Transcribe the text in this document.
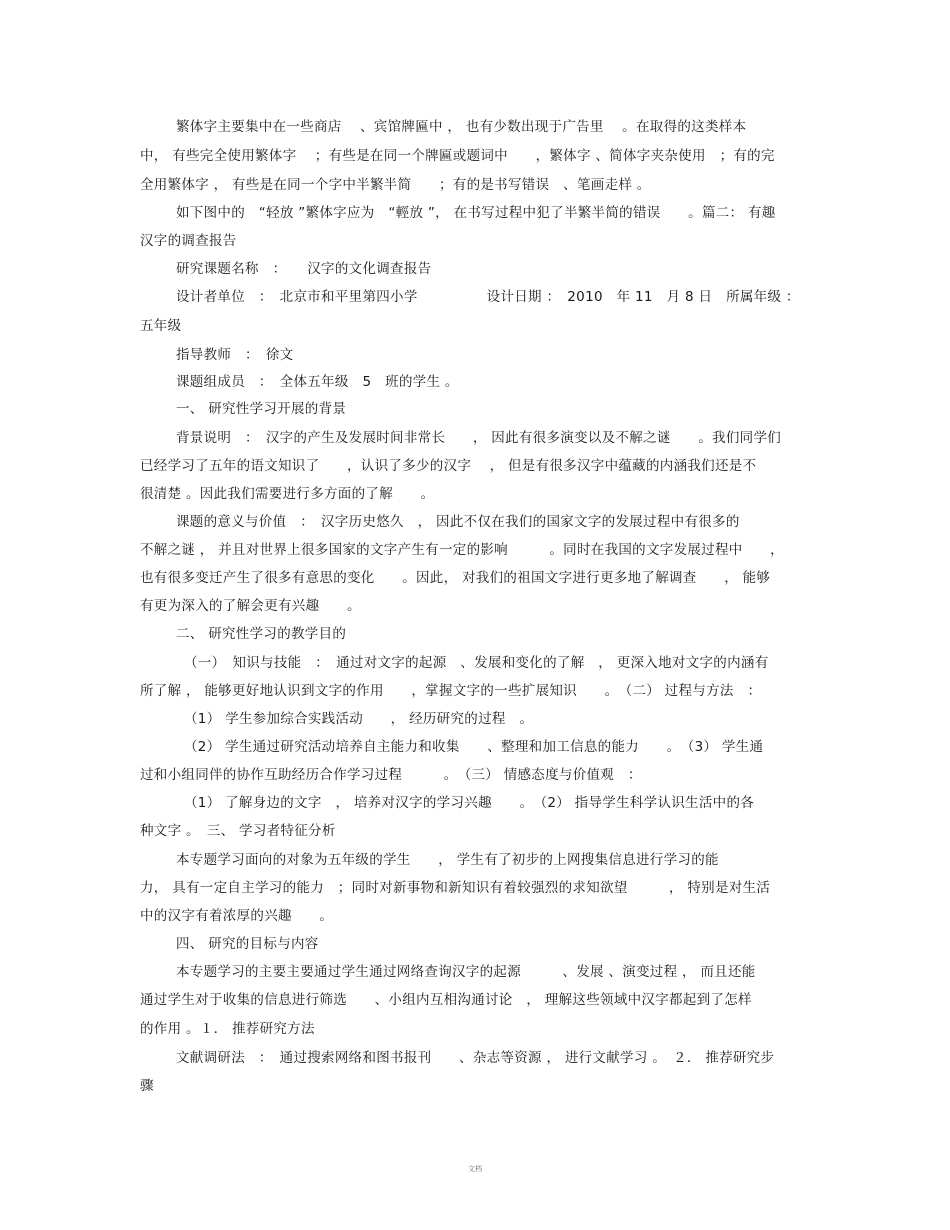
繁体字主要集中在一些商店　 、宾馆牌匾中 ， 也有少数出现于广告里　 。在取得的这类样本
中， 有些完全使用繁体字　 ；有些是在同一个牌匾或题词中　　，繁体字 、简体字夹杂使用　；有的完
全用繁体字 ， 有些是在同一个字中半繁半简　　；有的是书写错误　、笔画走样 。
如下图中的　“轻放 ”繁体字应为　“輕放 ”， 在书写过程中犯了半繁半简的错误　　。篇二： 有趣
汉字的调查报告
研究课题名称　：　　汉字的文化调查报告
设计者单位　：　北京市和平里第四小学　　　　　设计日期 ：　2010　年 11　月 8 日　所属年级 ：
五年级
指导教师　：　徐文
课题组成员　：　全体五年级　5　班的学生 。
一、 研究性学习开展的背景
背景说明　：　汉字的产生及发展时间非常长　　， 因此有很多演变以及不解之谜　　。我们同学们
已经学习了五年的语文知识了　　，认识了多少的汉字　 ， 但是有很多汉字中蕴藏的内涵我们还是不
很清楚 。因此我们需要进行多方面的了解　　。
课题的意义与价值　：　汉字历史悠久　， 因此不仅在我们的国家文字的发展过程中有很多的
不解之谜 ， 并且对世界上很多国家的文字产生有一定的影响　　　。同时在我国的文字发展过程中　　，
也有很多变迁产生了很多有意思的变化　　。因此， 对我们的祖国文字进行更多地了解调查　　， 能够
有更为深入的了解会更有兴趣　　。
二、 研究性学习的教学目的
（一）　知识与技能　：　通过对文字的起源　、发展和变化的了解　， 更深入地对文字的内涵有
所了解 ， 能够更好地认识到文字的作用　　，掌握文字的一些扩展知识　　。　（二） 过程与方法　：
（1） 学生参加综合实践活动　　， 经历研究的过程　。
（2） 学生通过研究活动培养自主能力和收集　　、整理和加工信息的能力　　。　（3） 学生通
过和小组同伴的协作互助经历合作学习过程　　　。　（三） 情感态度与价值观　：
（1） 了解身边的文字　， 培养对汉字的学习兴趣　　。　（2） 指导学生科学认识生活中的各
种文字 。　三、 学习者特征分析
本专题学习面向的对象为五年级的学生　　， 学生有了初步的上网搜集信息进行学习的能
力， 具有一定自主学习的能力　；同时对新事物和新知识有着较强烈的求知欲望　　　， 特别是对生活
中的汉字有着浓厚的兴趣　　。
四、 研究的目标与内容
本专题学习的主要主要通过学生通过网络查询汉字的起源　　　、发展 、演变过程 ， 而且还能
通过学生对于收集的信息进行筛选　　、小组内互相沟通讨论　， 理解这些领域中汉字都起到了怎样
的作用 。１． 推荐研究方法
文献调研法　：　通过搜索网络和图书报刊　　、杂志等资源 ， 进行文献学习 。　２． 推荐研究步
骤
文档
